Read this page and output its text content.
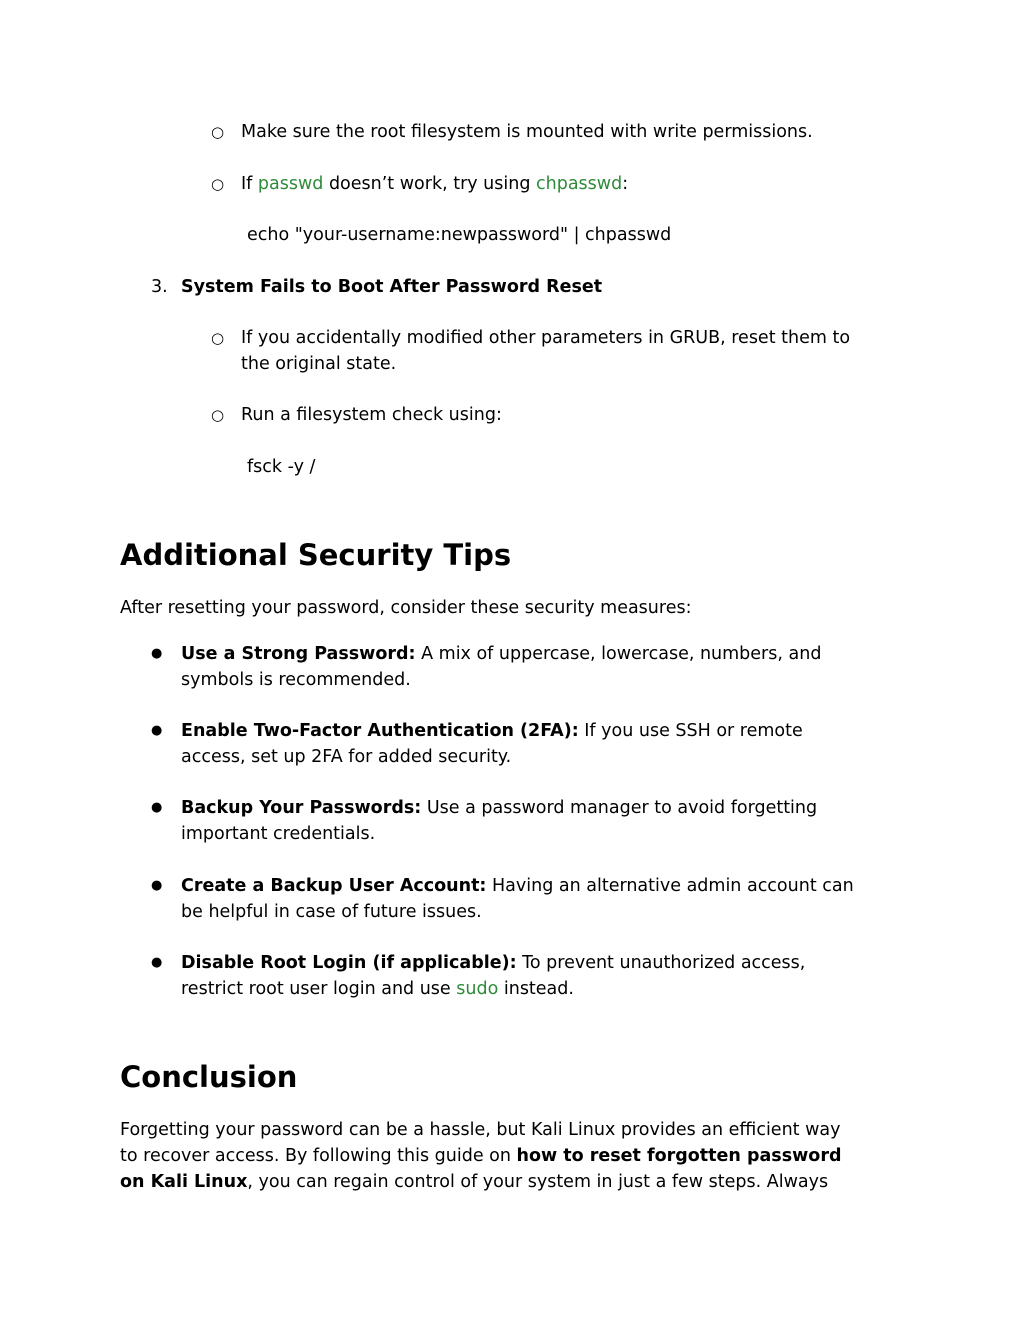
○ Make sure the root filesystem is mounted with write permissions.
○ If passwd doesn’t work, try using chpasswd:
echo "your-username:newpassword" | chpasswd
3. System Fails to Boot After Password Reset
○ If you accidentally modified other parameters in GRUB, reset them to
the original state.
○ Run a filesystem check using:
fsck -y /
Additional Security Tips
After resetting your password, consider these security measures:
● Use a Strong Password: A mix of uppercase, lowercase, numbers, and
symbols is recommended.
● Enable Two-Factor Authentication (2FA): If you use SSH or remote
access, set up 2FA for added security.
● Backup Your Passwords: Use a password manager to avoid forgetting
important credentials.
● Create a Backup User Account: Having an alternative admin account can
be helpful in case of future issues.
● Disable Root Login (if applicable): To prevent unauthorized access,
restrict root user login and use sudo instead.
Conclusion
Forgetting your password can be a hassle, but Kali Linux provides an efficient way
to recover access. By following this guide on how to reset forgotten password
on Kali Linux, you can regain control of your system in just a few steps. Always
